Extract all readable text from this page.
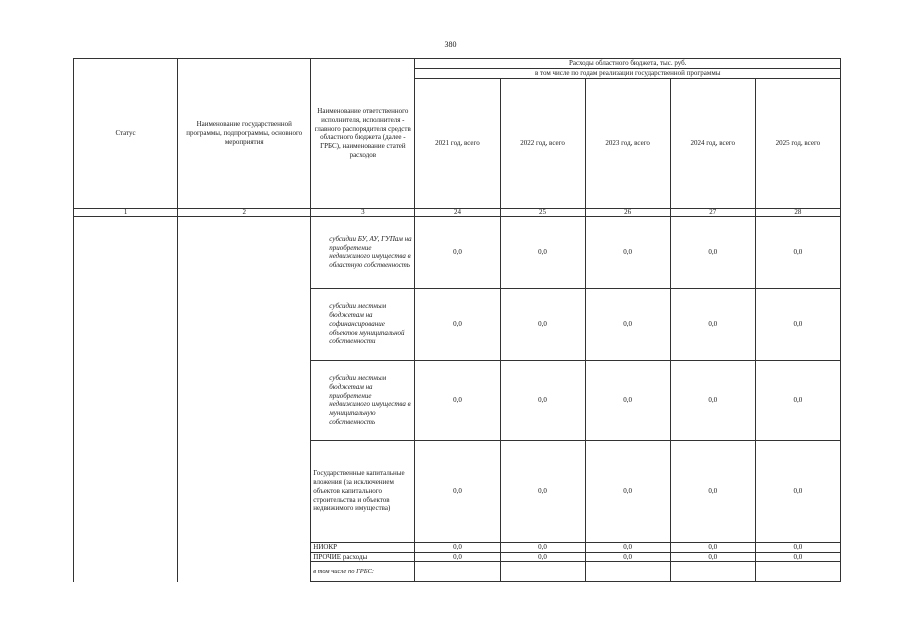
380
Статус	Наименование государственной программы, подпрограммы, основного мероприятия	Наименование ответственного исполнителя, исполнителя - главного распорядителя средств областного бюджета (далее - ГРБС), наименование статей расходов	Расходы областного бюджета, тыс. руб.				
			в том числе по годам реализации государственной программы				
			2021 год, всего	2022 год, всего	2023 год, всего	2024 год, всего	2025 год, всего
1	2	3	24	25	26	27	28
		субсидии БУ, АУ, ГУПам на приобретение недвижимого имущества в областную собственность	0,0	0,0	0,0	0,0	0,0
		субсидии местным бюджетам на софинансирование объектов муниципальной собственности	0,0	0,0	0,0	0,0	0,0
		субсидии местным бюджетам на приобретение недвижимого имущества в муниципальную собственность	0,0	0,0	0,0	0,0	0,0
		Государственные капитальные вложения (за исключением объектов капитального строительства и объектов недвижимого имущества)	0,0	0,0	0,0	0,0	0,0
		НИОКР	0,0	0,0	0,0	0,0	0,0
		ПРОЧИЕ расходы	0,0	0,0	0,0	0,0	0,0
		в том числе по ГРБС:					
